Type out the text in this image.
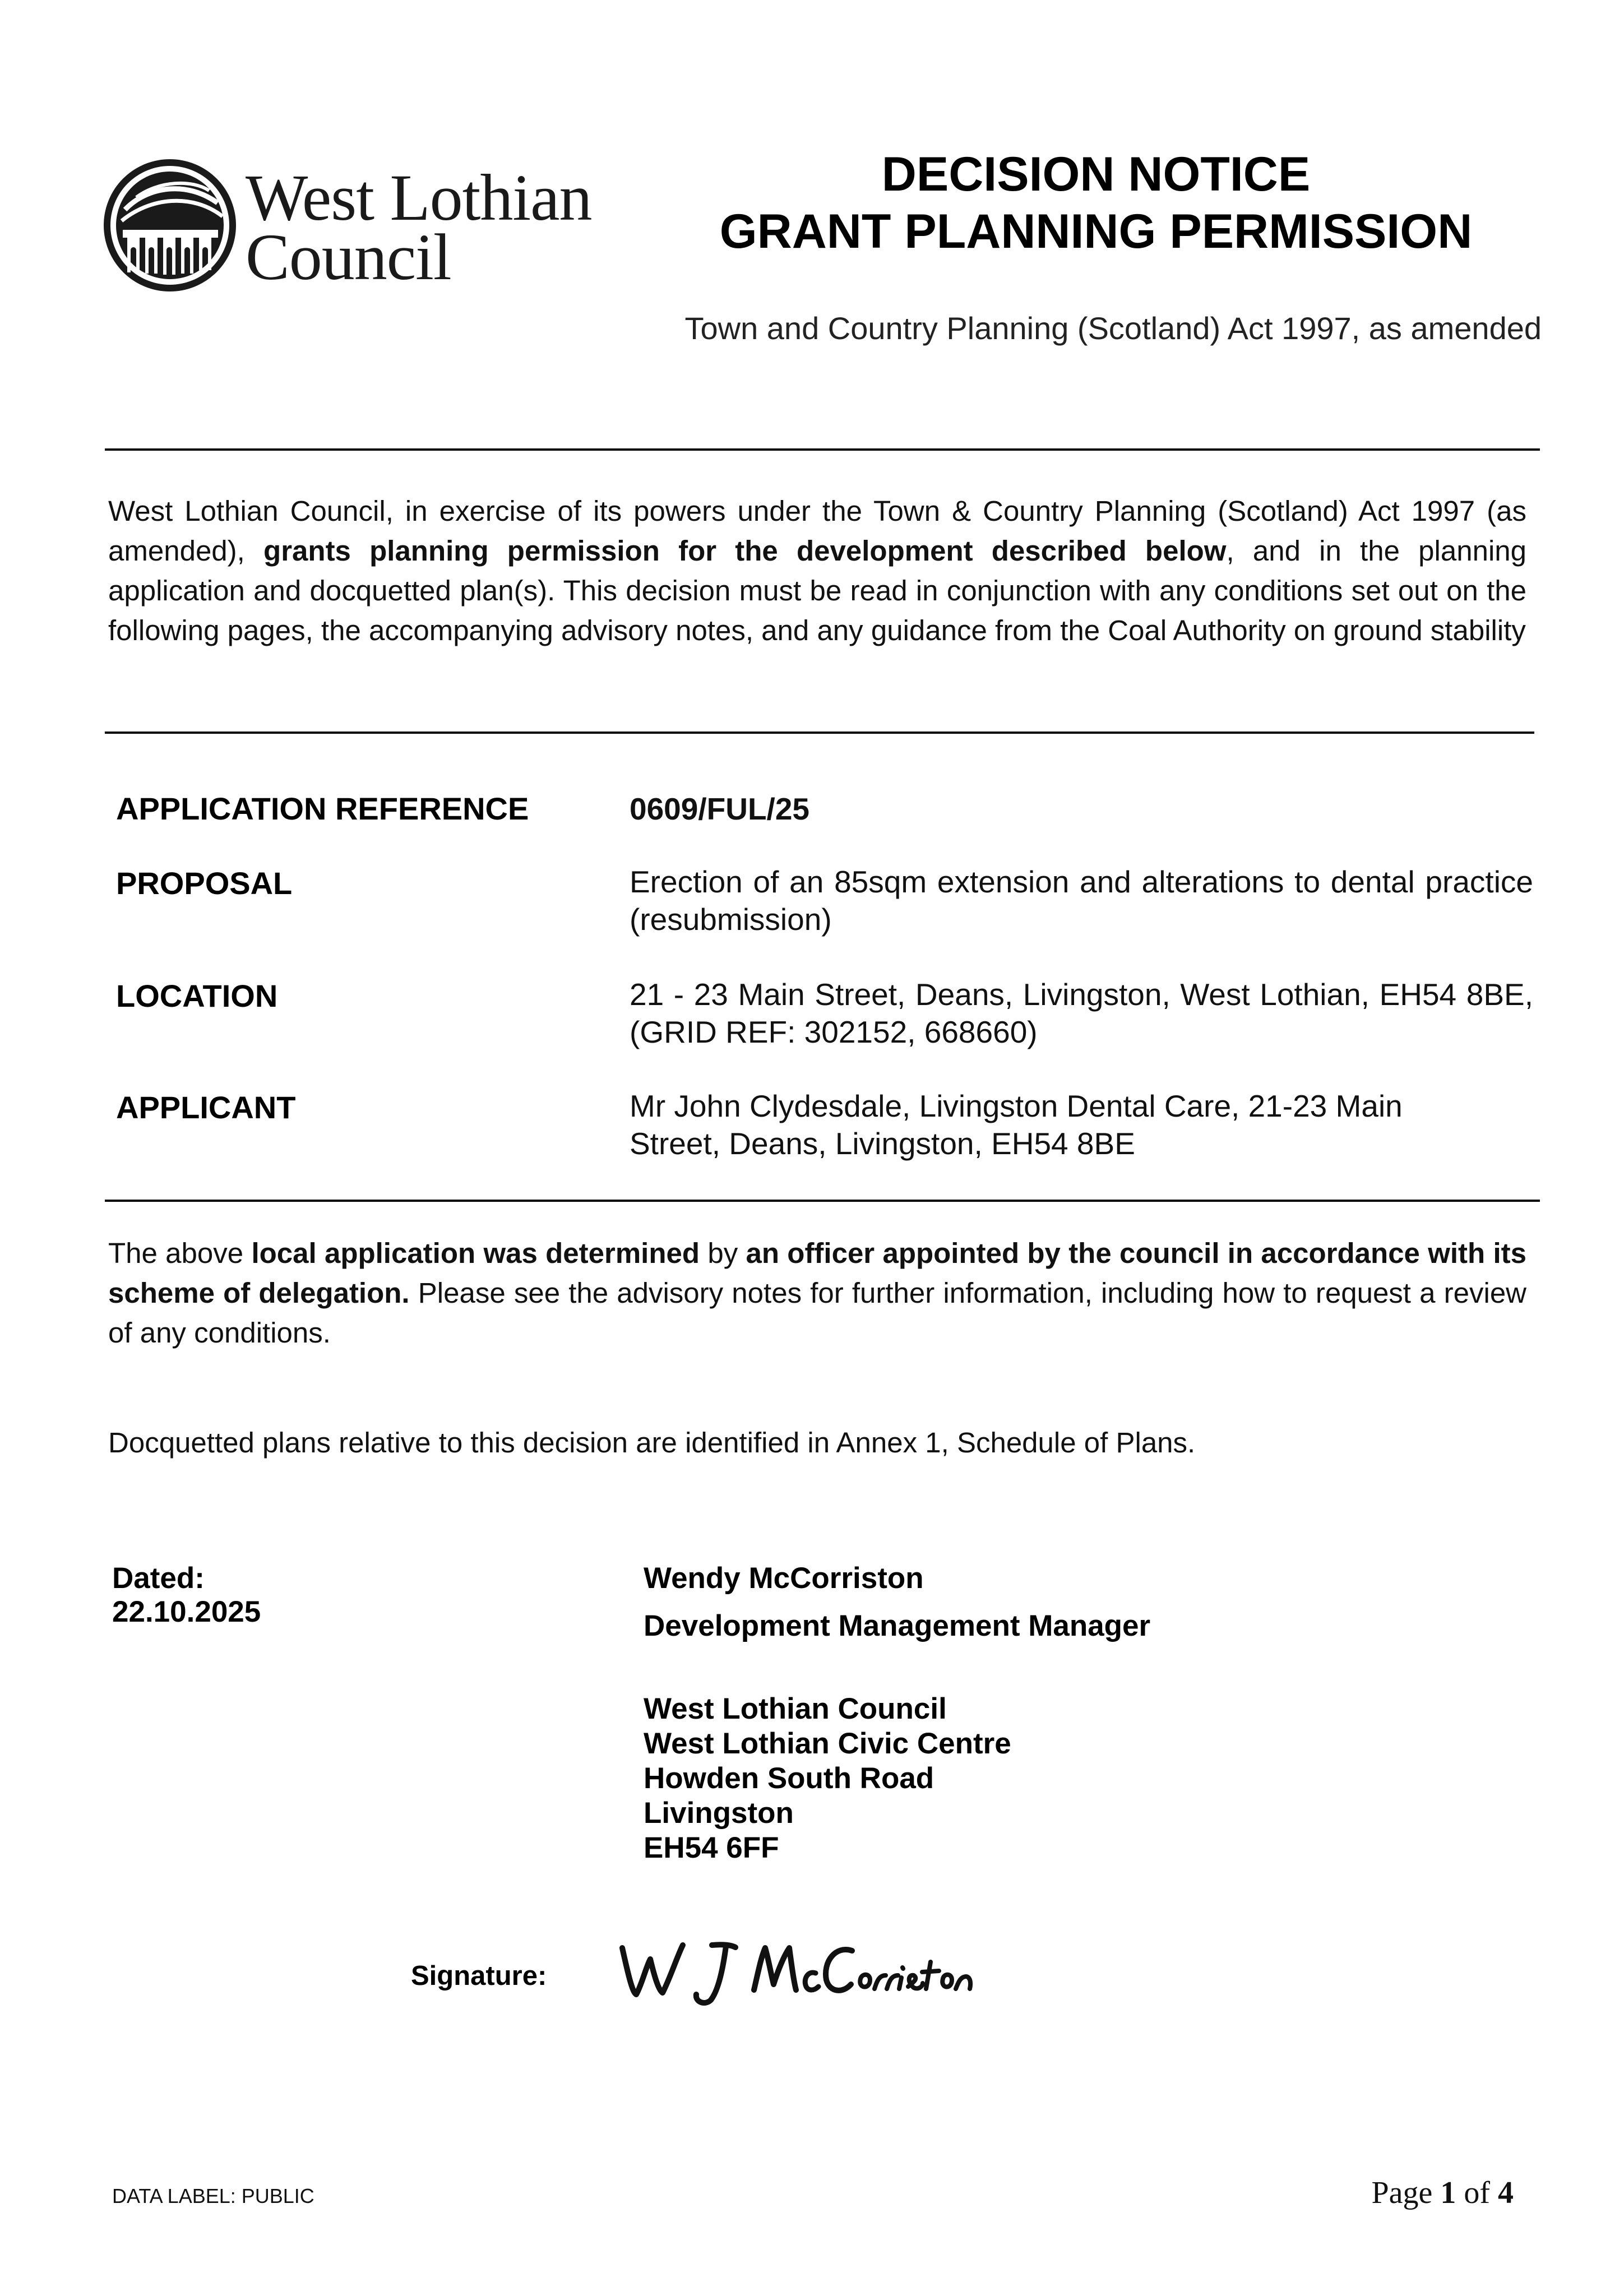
West Lothian
Council
DECISION NOTICE
GRANT PLANNING PERMISSION
Town and Country Planning (Scotland) Act 1997, as amended
West Lothian Council, in exercise of its powers under the Town & Country Planning (Scotland) Act 1997 (as amended), grants planning permission for the development described below, and in the planning application and docquetted plan(s). This decision must be read in conjunction with any conditions set out on the following pages, the accompanying advisory notes, and any guidance from the Coal Authority on ground stability
APPLICATION REFERENCE	0609/FUL/25
PROPOSAL	Erection of an 85sqm extension and alterations to dental practice (resubmission)
LOCATION	21 - 23 Main Street, Deans, Livingston, West Lothian, EH54 8BE, (GRID REF: 302152, 668660)
APPLICANT	Mr John Clydesdale, Livingston Dental Care, 21-23 Main
Street, Deans, Livingston, EH54 8BE
The above local application was determined by an officer appointed by the council in accordance with its scheme of delegation. Please see the advisory notes for further information, including how to request a review of any conditions.
Docquetted plans relative to this decision are identified in Annex 1, Schedule of Plans.
Dated:
22.10.2025
Wendy McCorriston
Development Management Manager
West Lothian Council
West Lothian Civic Centre
Howden South Road
Livingston
EH54 6FF
Signature:
DATA LABEL: PUBLIC	Page 1 of 4
